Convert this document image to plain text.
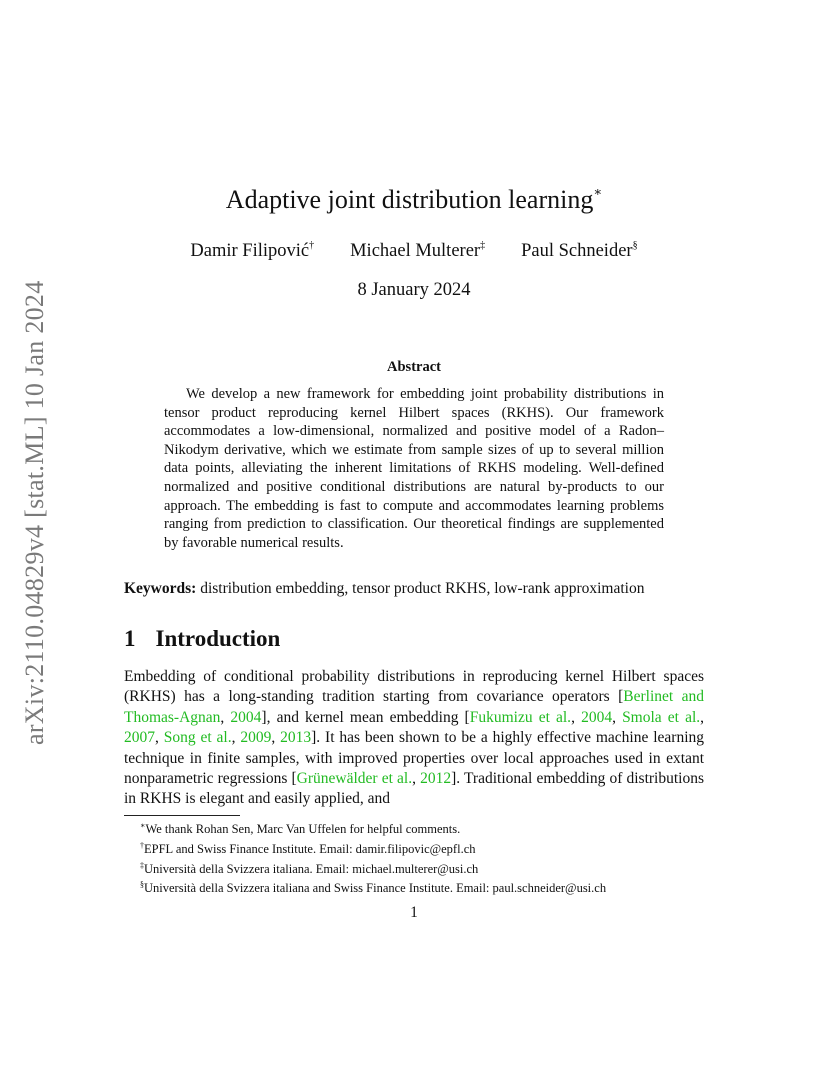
arXiv:2110.04829v4 [stat.ML] 10 Jan 2024
Adaptive joint distribution learning∗
Damir Filipović† Michael Multerer‡ Paul Schneider§
8 January 2024
Abstract

We develop a new framework for embedding joint probability distributions in tensor product reproducing kernel Hilbert spaces (RKHS). Our framework accommodates a low-dimensional, normalized and positive model of a Radon–Nikodym derivative, which we estimate from sample sizes of up to several million data points, alleviating the inherent limitations of RKHS modeling. Well-defined normalized and positive conditional distributions are natural by-products to our approach. The embedding is fast to compute and accommodates learning problems ranging from prediction to classification. Our theoretical findings are supplemented by favorable numerical results.

Keywords: distribution embedding, tensor product RKHS, low-rank approximation

1 Introduction

Embedding of conditional probability distributions in reproducing kernel Hilbert spaces (RKHS) has a long-standing tradition starting from covariance operators [Berlinet and Thomas-Agnan, 2004], and kernel mean embedding [Fukumizu et al., 2004, Smola et al., 2007, Song et al., 2009, 2013]. It has been shown to be a highly effective machine learning technique in finite samples, with improved properties over local approaches used in extant nonparametric regressions [Grünewälder et al., 2012]. Traditional embedding of distributions in RKHS is elegant and easily applied, and

∗We thank Rohan Sen, Marc Van Uffelen for helpful comments.
†EPFL and Swiss Finance Institute. Email: damir.filipovic@epfl.ch
‡Università della Svizzera italiana. Email: michael.multerer@usi.ch
§Università della Svizzera italiana and Swiss Finance Institute. Email: paul.schneider@usi.ch
1
